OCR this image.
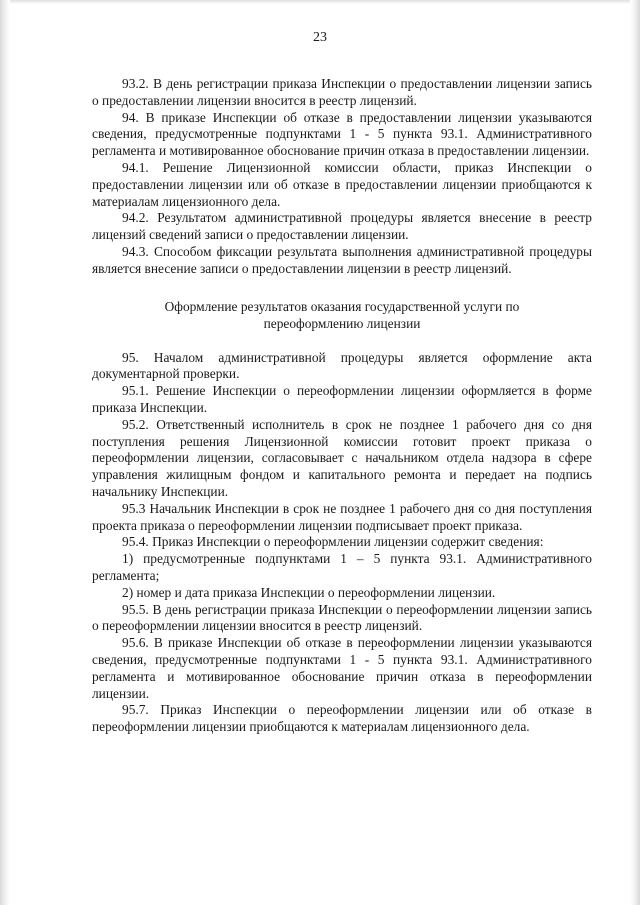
23

93.2. В день регистрации приказа Инспекции о предоставлении лицензии запись о предоставлении лицензии вносится в реестр лицензий.

94. В приказе Инспекции об отказе в предоставлении лицензии указываются сведения, предусмотренные подпунктами 1 - 5 пункта 93.1. Административного регламента и мотивированное обоснование причин отказа в предоставлении лицензии.

94.1. Решение Лицензионной комиссии области, приказ Инспекции о предоставлении лицензии или об отказе в предоставлении лицензии приобщаются к материалам лицензионного дела.

94.2. Результатом административной процедуры является внесение в реестр лицензий сведений записи о предоставлении лицензии.

94.3. Способом фиксации результата выполнения административной процедуры является внесение записи о предоставлении лицензии в реестр лицензий.

Оформление результатов оказания государственной услуги по переоформлению лицензии

95. Началом административной процедуры является оформление акта документарной проверки.

95.1. Решение Инспекции о переоформлении лицензии оформляется в форме приказа Инспекции.

95.2. Ответственный исполнитель в срок не позднее 1 рабочего дня со дня поступления решения Лицензионной комиссии готовит проект приказа о переоформлении лицензии, согласовывает с начальником отдела надзора в сфере управления жилищным фондом и капитального ремонта и передает на подпись начальнику Инспекции.

95.3 Начальник Инспекции в срок не позднее 1 рабочего дня со дня поступления проекта приказа о переоформлении лицензии подписывает проект приказа.

95.4. Приказ Инспекции о переоформлении лицензии содержит сведения:

1) предусмотренные подпунктами 1 – 5 пункта 93.1. Административного регламента;

2) номер и дата приказа Инспекции о переоформлении лицензии.

95.5. В день регистрации приказа Инспекции о переоформлении лицензии запись о переоформлении лицензии вносится в реестр лицензий.

95.6. В приказе Инспекции об отказе в переоформлении лицензии указываются сведения, предусмотренные подпунктами 1 - 5 пункта 93.1. Административного регламента и мотивированное обоснование причин отказа в переоформлении лицензии.

95.7. Приказ Инспекции о переоформлении лицензии или об отказе в переоформлении лицензии приобщаются к материалам лицензионного дела.
